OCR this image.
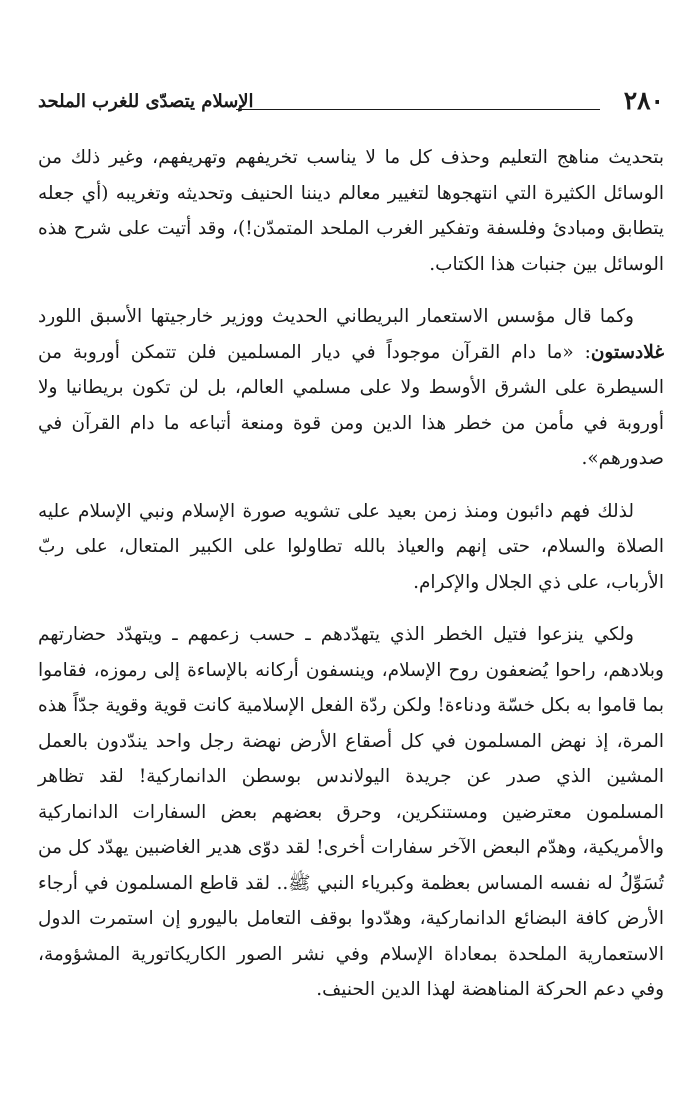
٢٨٠
الإسلام يتصدّى للغرب الملحد

بتحديث مناهج التعليم وحذف كل ما لا يناسب تخريفهم وتهريفهم، وغير ذلك من الوسائل الكثيرة التي انتهجوها لتغيير معالم ديننا الحنيف وتحديثه وتغريبه (أي جعله يتطابق ومبادئ وفلسفة وتفكير الغرب الملحد المتمدّن!)، وقد أتيت على شرح هذه الوسائل بين جنبات هذا الكتاب.

وكما قال مؤسس الاستعمار البريطاني الحديث ووزير خارجيتها الأسبق اللورد غلادستون: «ما دام القرآن موجوداً في ديار المسلمين فلن تتمكن أوروبة من السيطرة على الشرق الأوسط ولا على مسلمي العالم، بل لن تكون بريطانيا ولا أوروبة في مأمن من خطر هذا الدين ومن قوة ومنعة أتباعه ما دام القرآن في صدورهم».

لذلك فهم دائبون ومنذ زمن بعيد على تشويه صورة الإسلام ونبي الإسلام عليه الصلاة والسلام، حتى إنهم والعياذ بالله تطاولوا على الكبير المتعال، على ربّ الأرباب، على ذي الجلال والإكرام.

ولكي ينزعوا فتيل الخطر الذي يتهدّدهم ـ حسب زعمهم ـ ويتهدّد حضارتهم وبلادهم، راحوا يُضعفون روح الإسلام، وينسفون أركانه بالإساءة إلى رموزه، فقاموا بما قاموا به بكل خسّة ودناءة! ولكن ردّة الفعل الإسلامية كانت قوية وقوية جدّاً هذه المرة، إذ نهض المسلمون في كل أصقاع الأرض نهضة رجل واحد يندّدون بالعمل المشين الذي صدر عن جريدة اليولاندس بوسطن الدانماركية! لقد تظاهر المسلمون معترضين ومستنكرين، وحرق بعضهم بعض السفارات الدانماركية والأمريكية، وهدّم البعض الآخر سفارات أخرى! لقد دوّى هدير الغاضبين يهدّد كل من تُسَوِّلُ له نفسه المساس بعظمة وكبرياء النبي ﷺ.. لقد قاطع المسلمون في أرجاء الأرض كافة البضائع الدانماركية، وهدّدوا بوقف التعامل باليورو إن استمرت الدول الاستعمارية الملحدة بمعاداة الإسلام وفي نشر الصور الكاريكاتورية المشؤومة، وفي دعم الحركة المناهضة لهذا الدين الحنيف.
